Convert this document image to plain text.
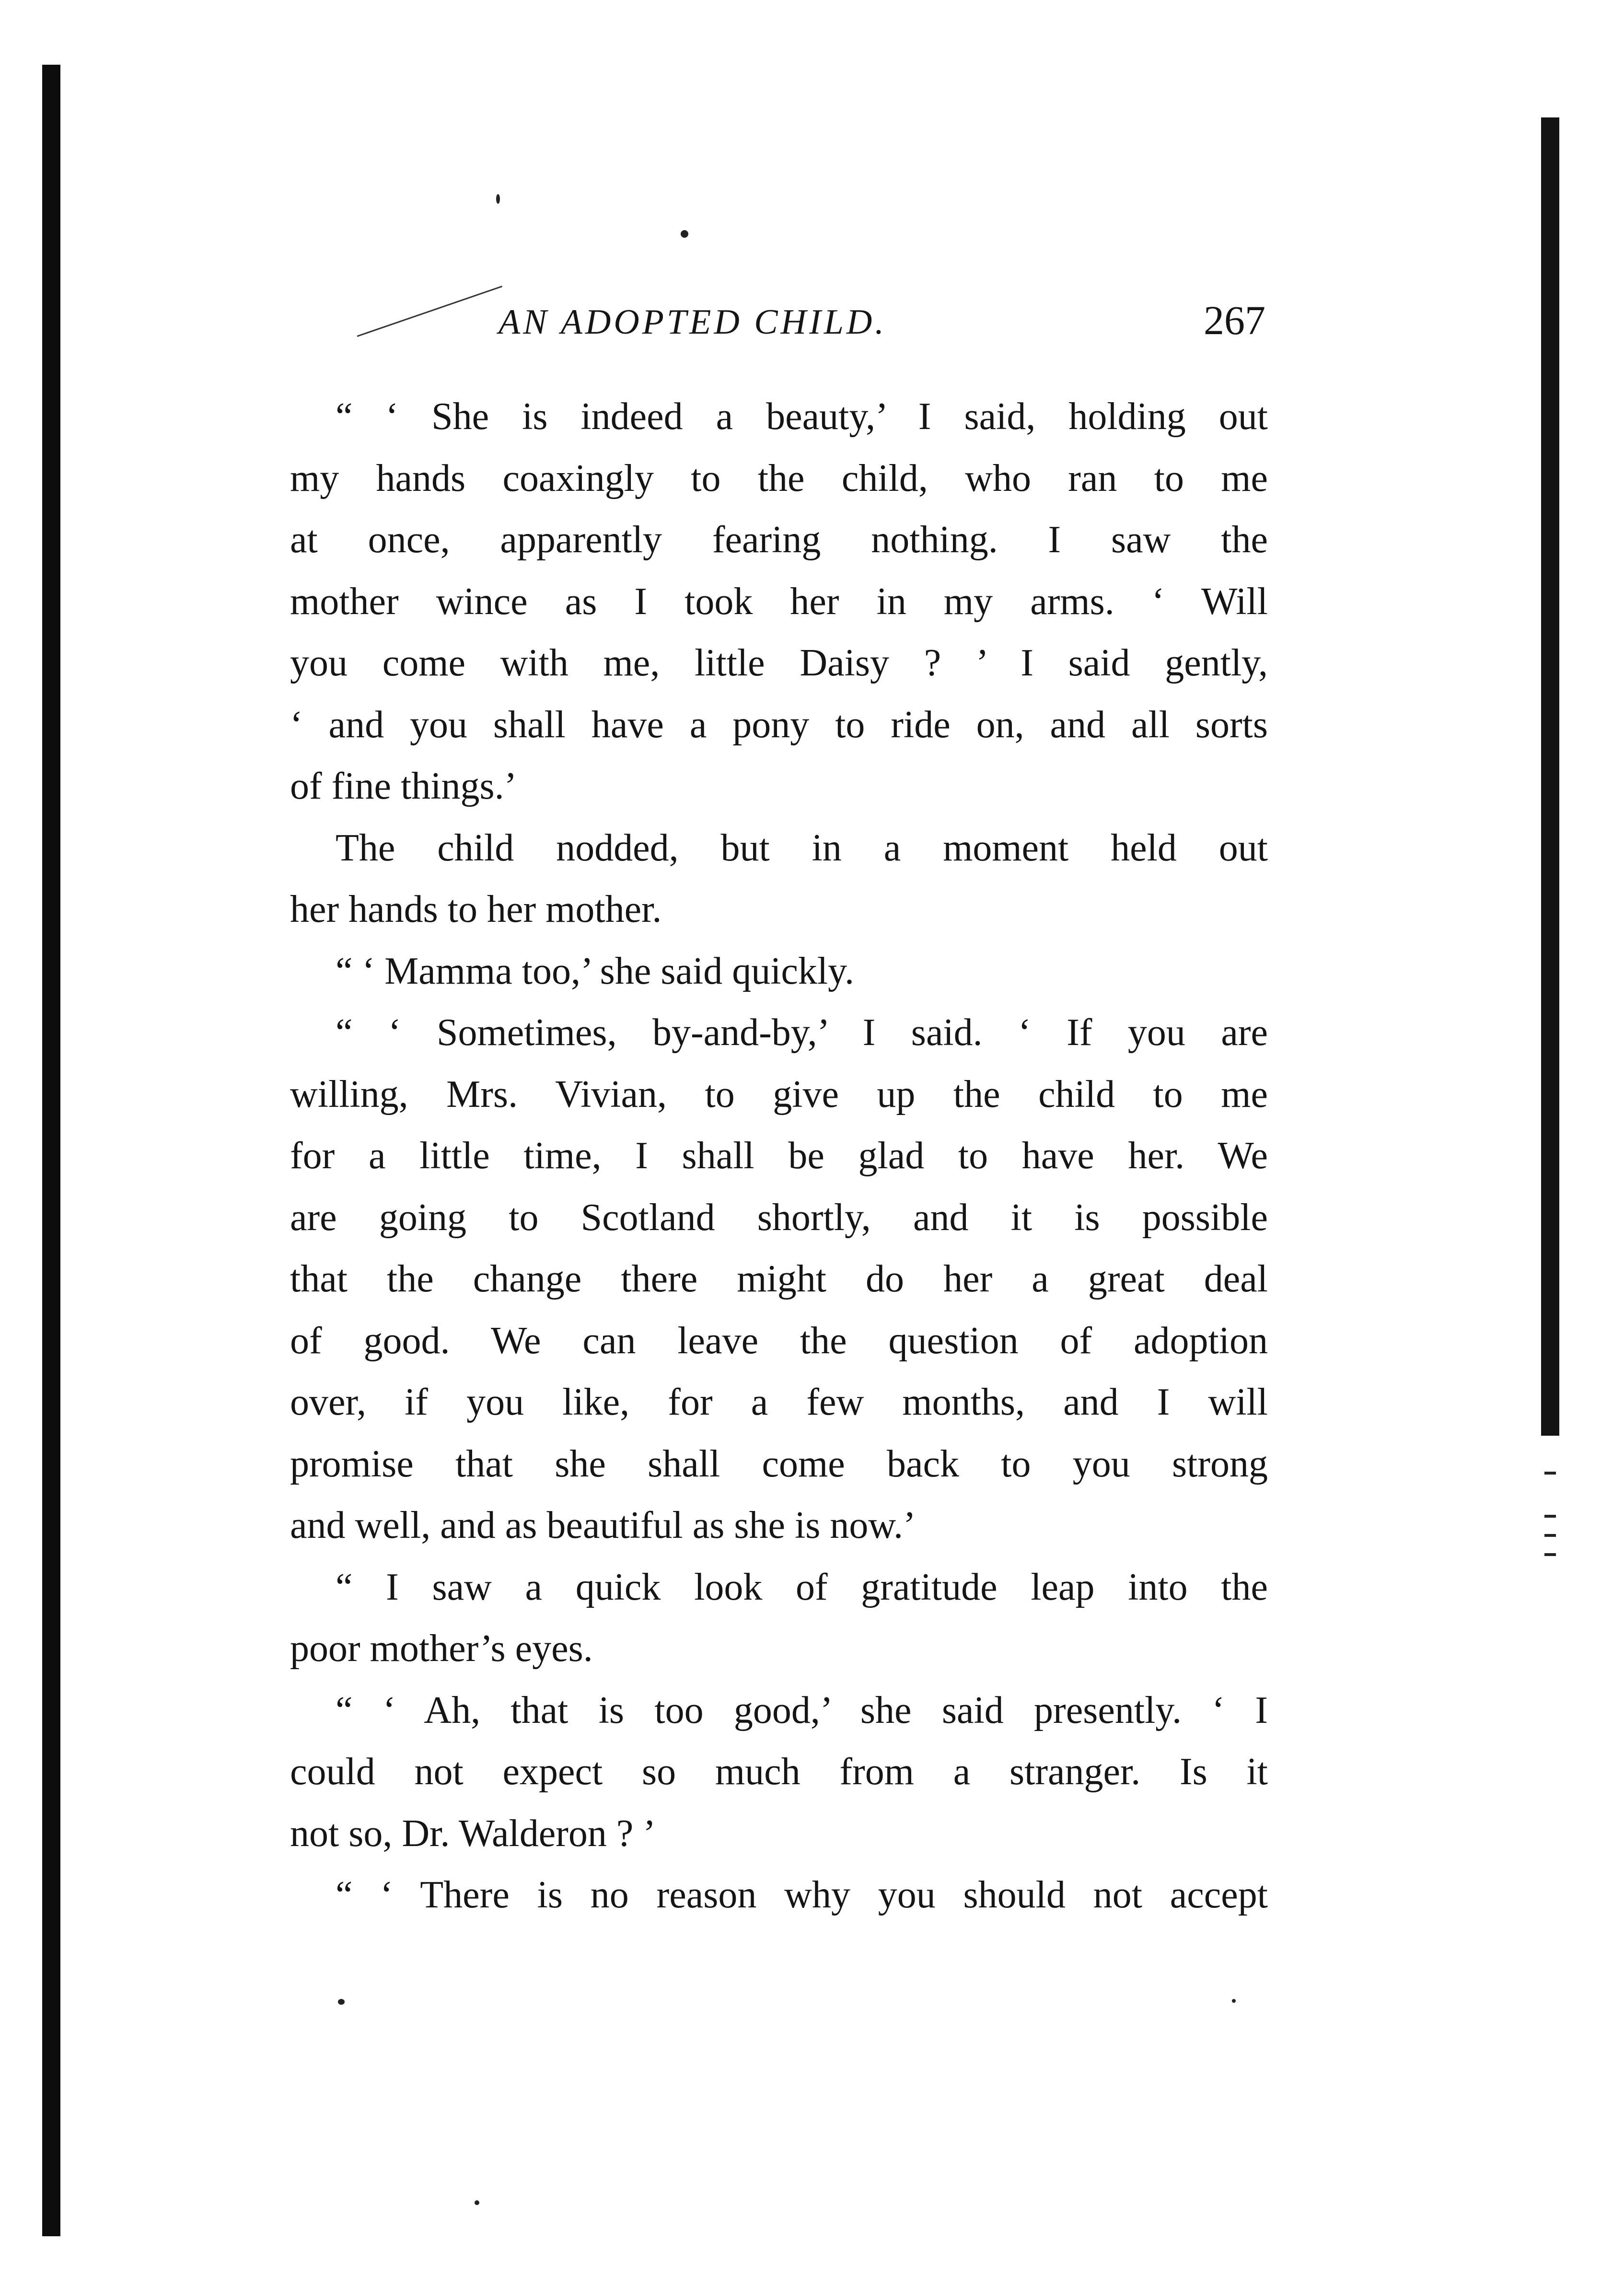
AN ADOPTED CHILD.	267
“ ‘ She is indeed a beauty,’ I said, holding out
my hands coaxingly to the child, who ran to me
at once, apparently fearing nothing. I saw the
mother wince as I took her in my arms. ‘ Will
you come with me, little Daisy ? ’ I said gently,
‘ and you shall have a pony to ride on, and all sorts
of fine things.’
The child nodded, but in a moment held out
her hands to her mother.
“ ‘ Mamma too,’ she said quickly.
“ ‘ Sometimes, by-and-by,’ I said. ‘ If you are
willing, Mrs. Vivian, to give up the child to me
for a little time, I shall be glad to have her. We
are going to Scotland shortly, and it is possible
that the change there might do her a great deal
of good. We can leave the question of adoption
over, if you like, for a few months, and I will
promise that she shall come back to you strong
and well, and as beautiful as she is now.’
“ I saw a quick look of gratitude leap into the
poor mother’s eyes.
“ ‘ Ah, that is too good,’ she said presently. ‘ I
could not expect so much from a stranger. Is it
not so, Dr. Walderon ? ’
“ ‘ There is no reason why you should not accept
